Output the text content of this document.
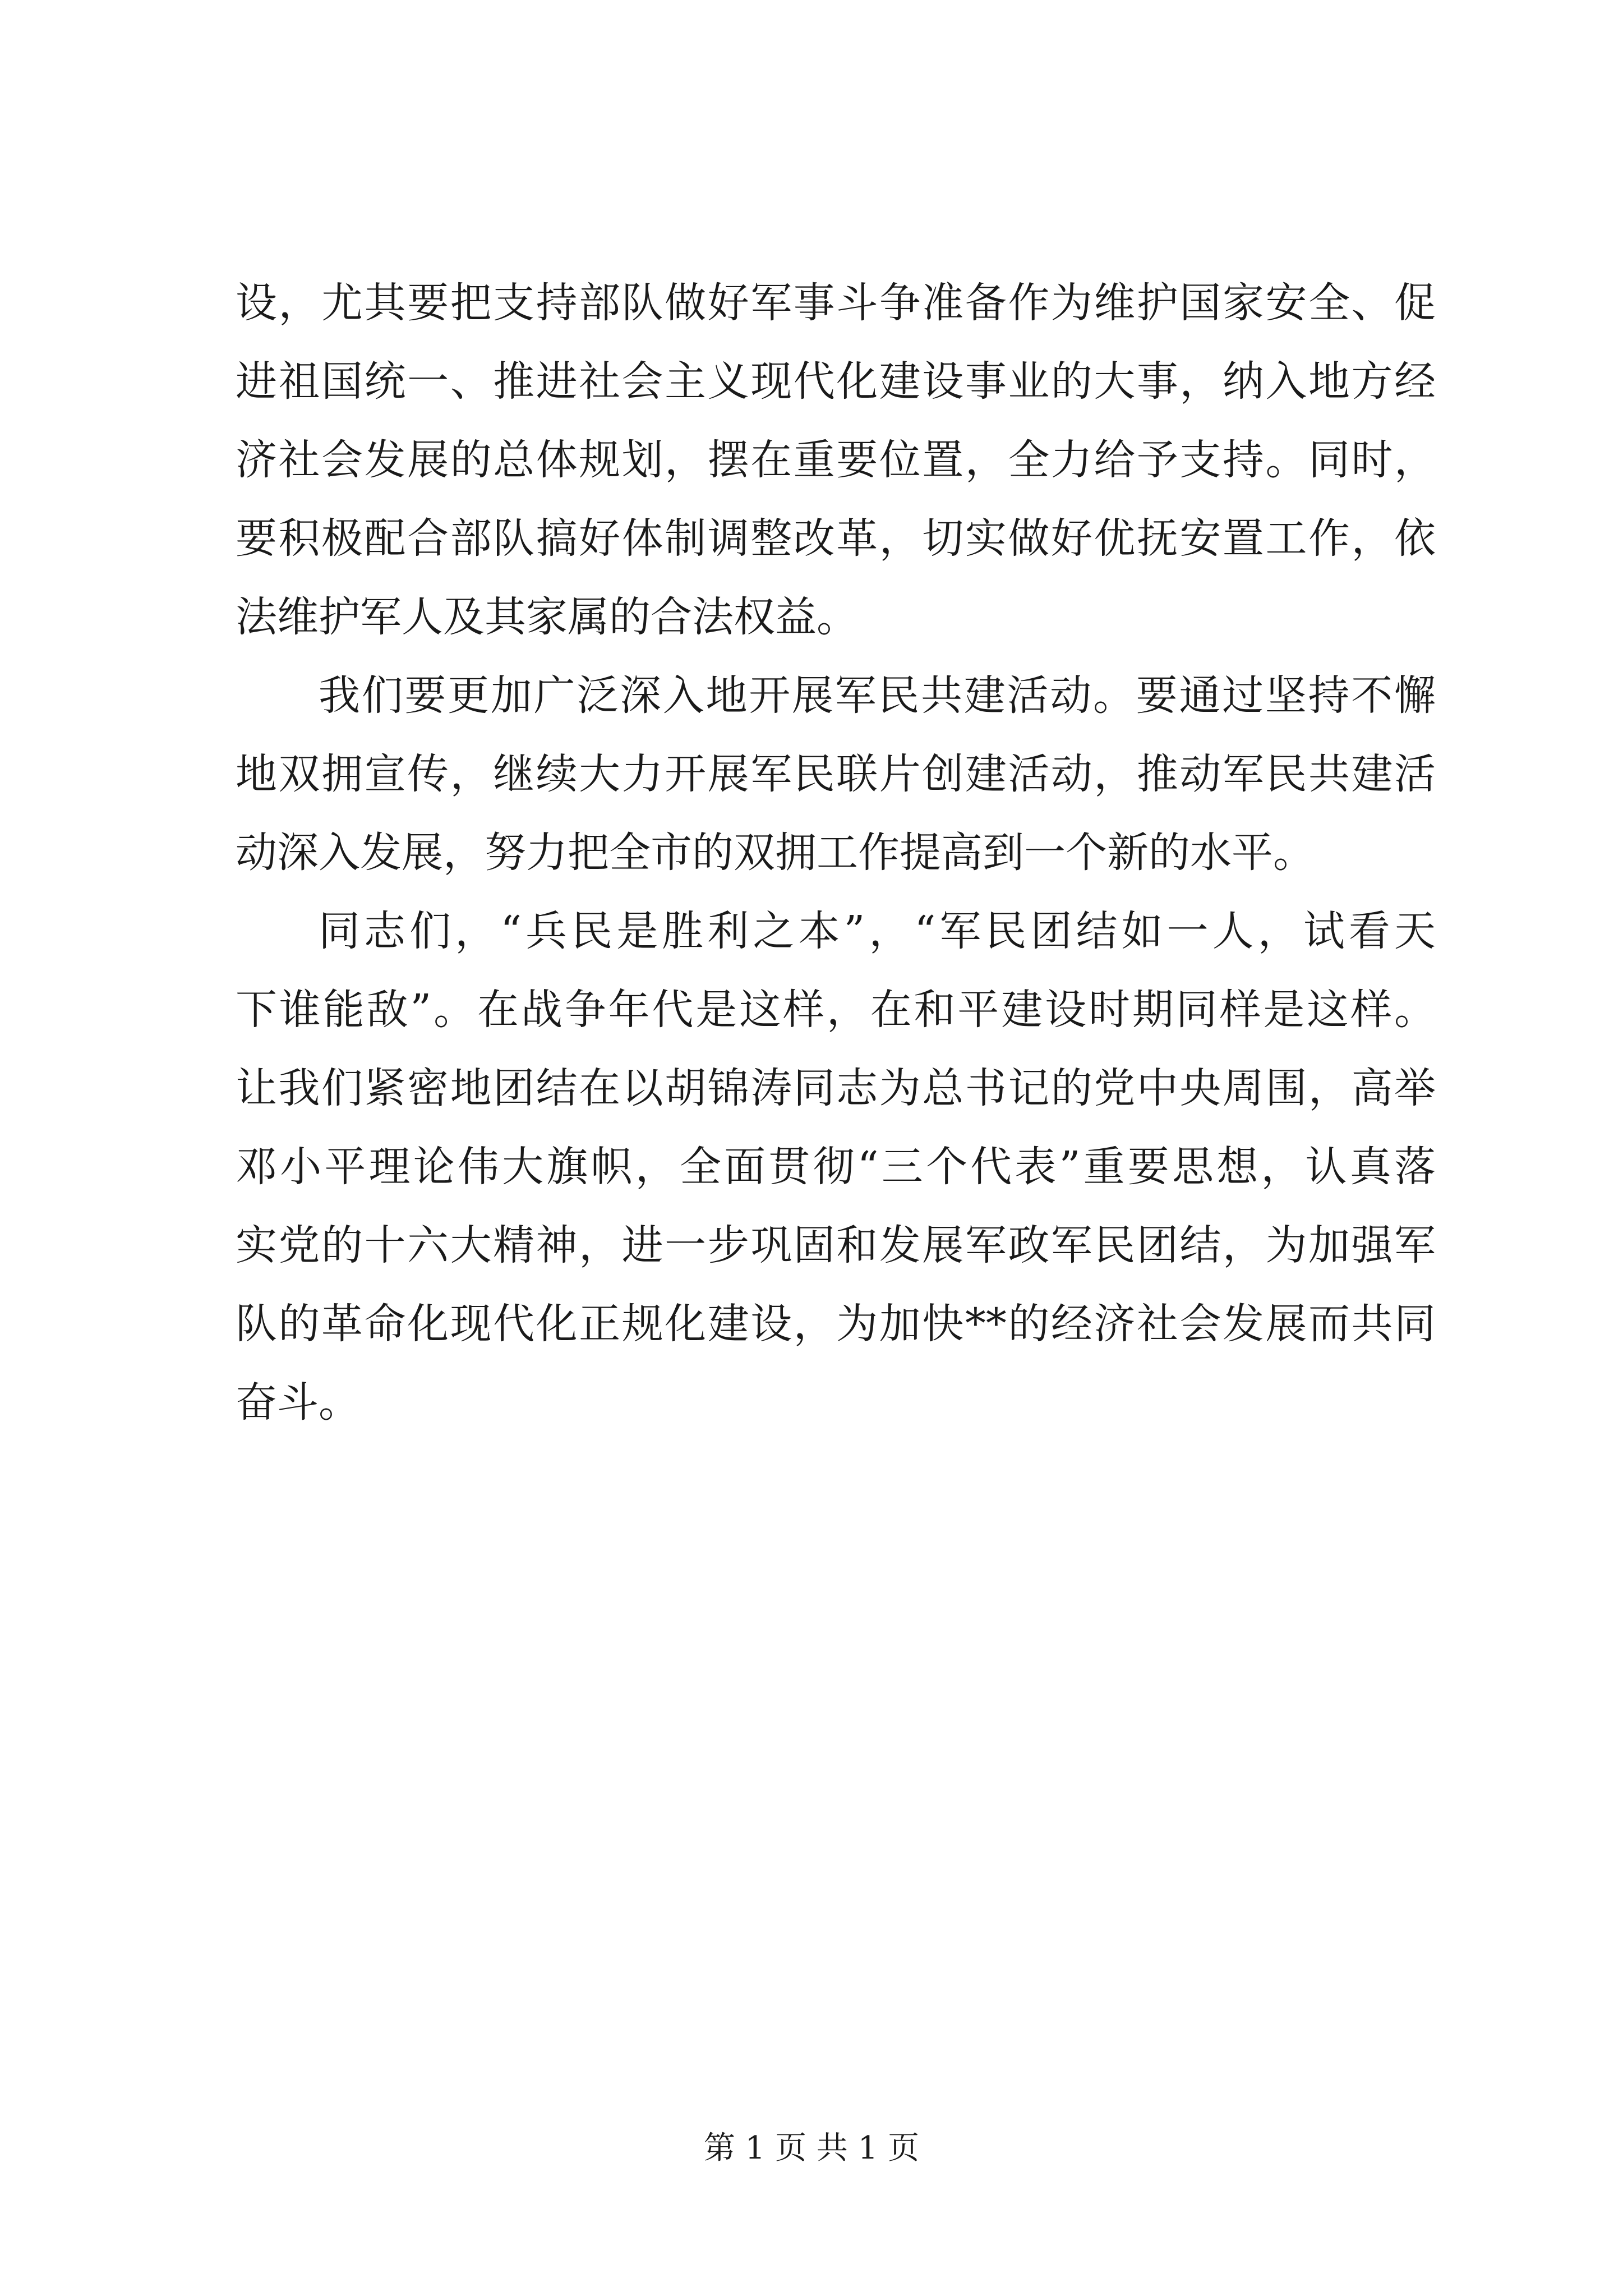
设，尤其要把支持部队做好军事斗争准备作为维护国家安全、促
进祖国统一、推进社会主义现代化建设事业的大事，纳入地方经
济社会发展的总体规划，摆在重要位置，全力给予支持。同时，
要积极配合部队搞好体制调整改革，切实做好优抚安置工作，依
法维护军人及其家属的合法权益。
我们要更加广泛深入地开展军民共建活动。要通过坚持不懈
地双拥宣传，继续大力开展军民联片创建活动，推动军民共建活
动深入发展，努力把全市的双拥工作提高到一个新的水平。
同志们，“兵民是胜利之本”，“军民团结如一人，试看天
下谁能敌”。在战争年代是这样，在和平建设时期同样是这样。
让我们紧密地团结在以胡锦涛同志为总书记的党中央周围，高举
邓小平理论伟大旗帜，全面贯彻“三个代表”重要思想，认真落
实党的十六大精神，进一步巩固和发展军政军民团结，为加强军
队的革命化现代化正规化建设，为加快**的经济社会发展而共同
奋斗。
第 1 页 共 1 页
